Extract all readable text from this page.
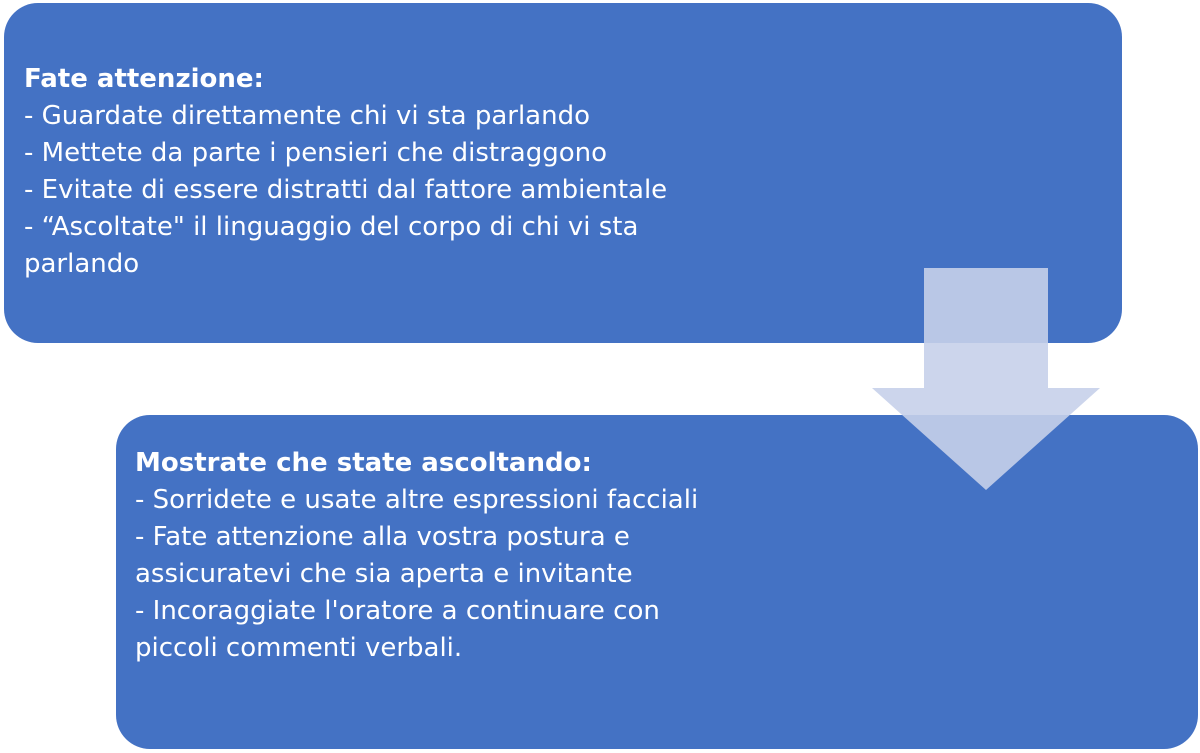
Fate attenzione:
- Guardate direttamente chi vi sta parlando
- Mettete da parte i pensieri che distraggono
- Evitate di essere distratti dal fattore ambientale
- “Ascoltate" il linguaggio del corpo di chi vi sta parlando
Mostrate che state ascoltando:
- Sorridete e usate altre espressioni facciali
- Fate attenzione alla vostra postura e assicuratevi che sia aperta e invitante
- Incoraggiate l'oratore a continuare con piccoli commenti verbali.
